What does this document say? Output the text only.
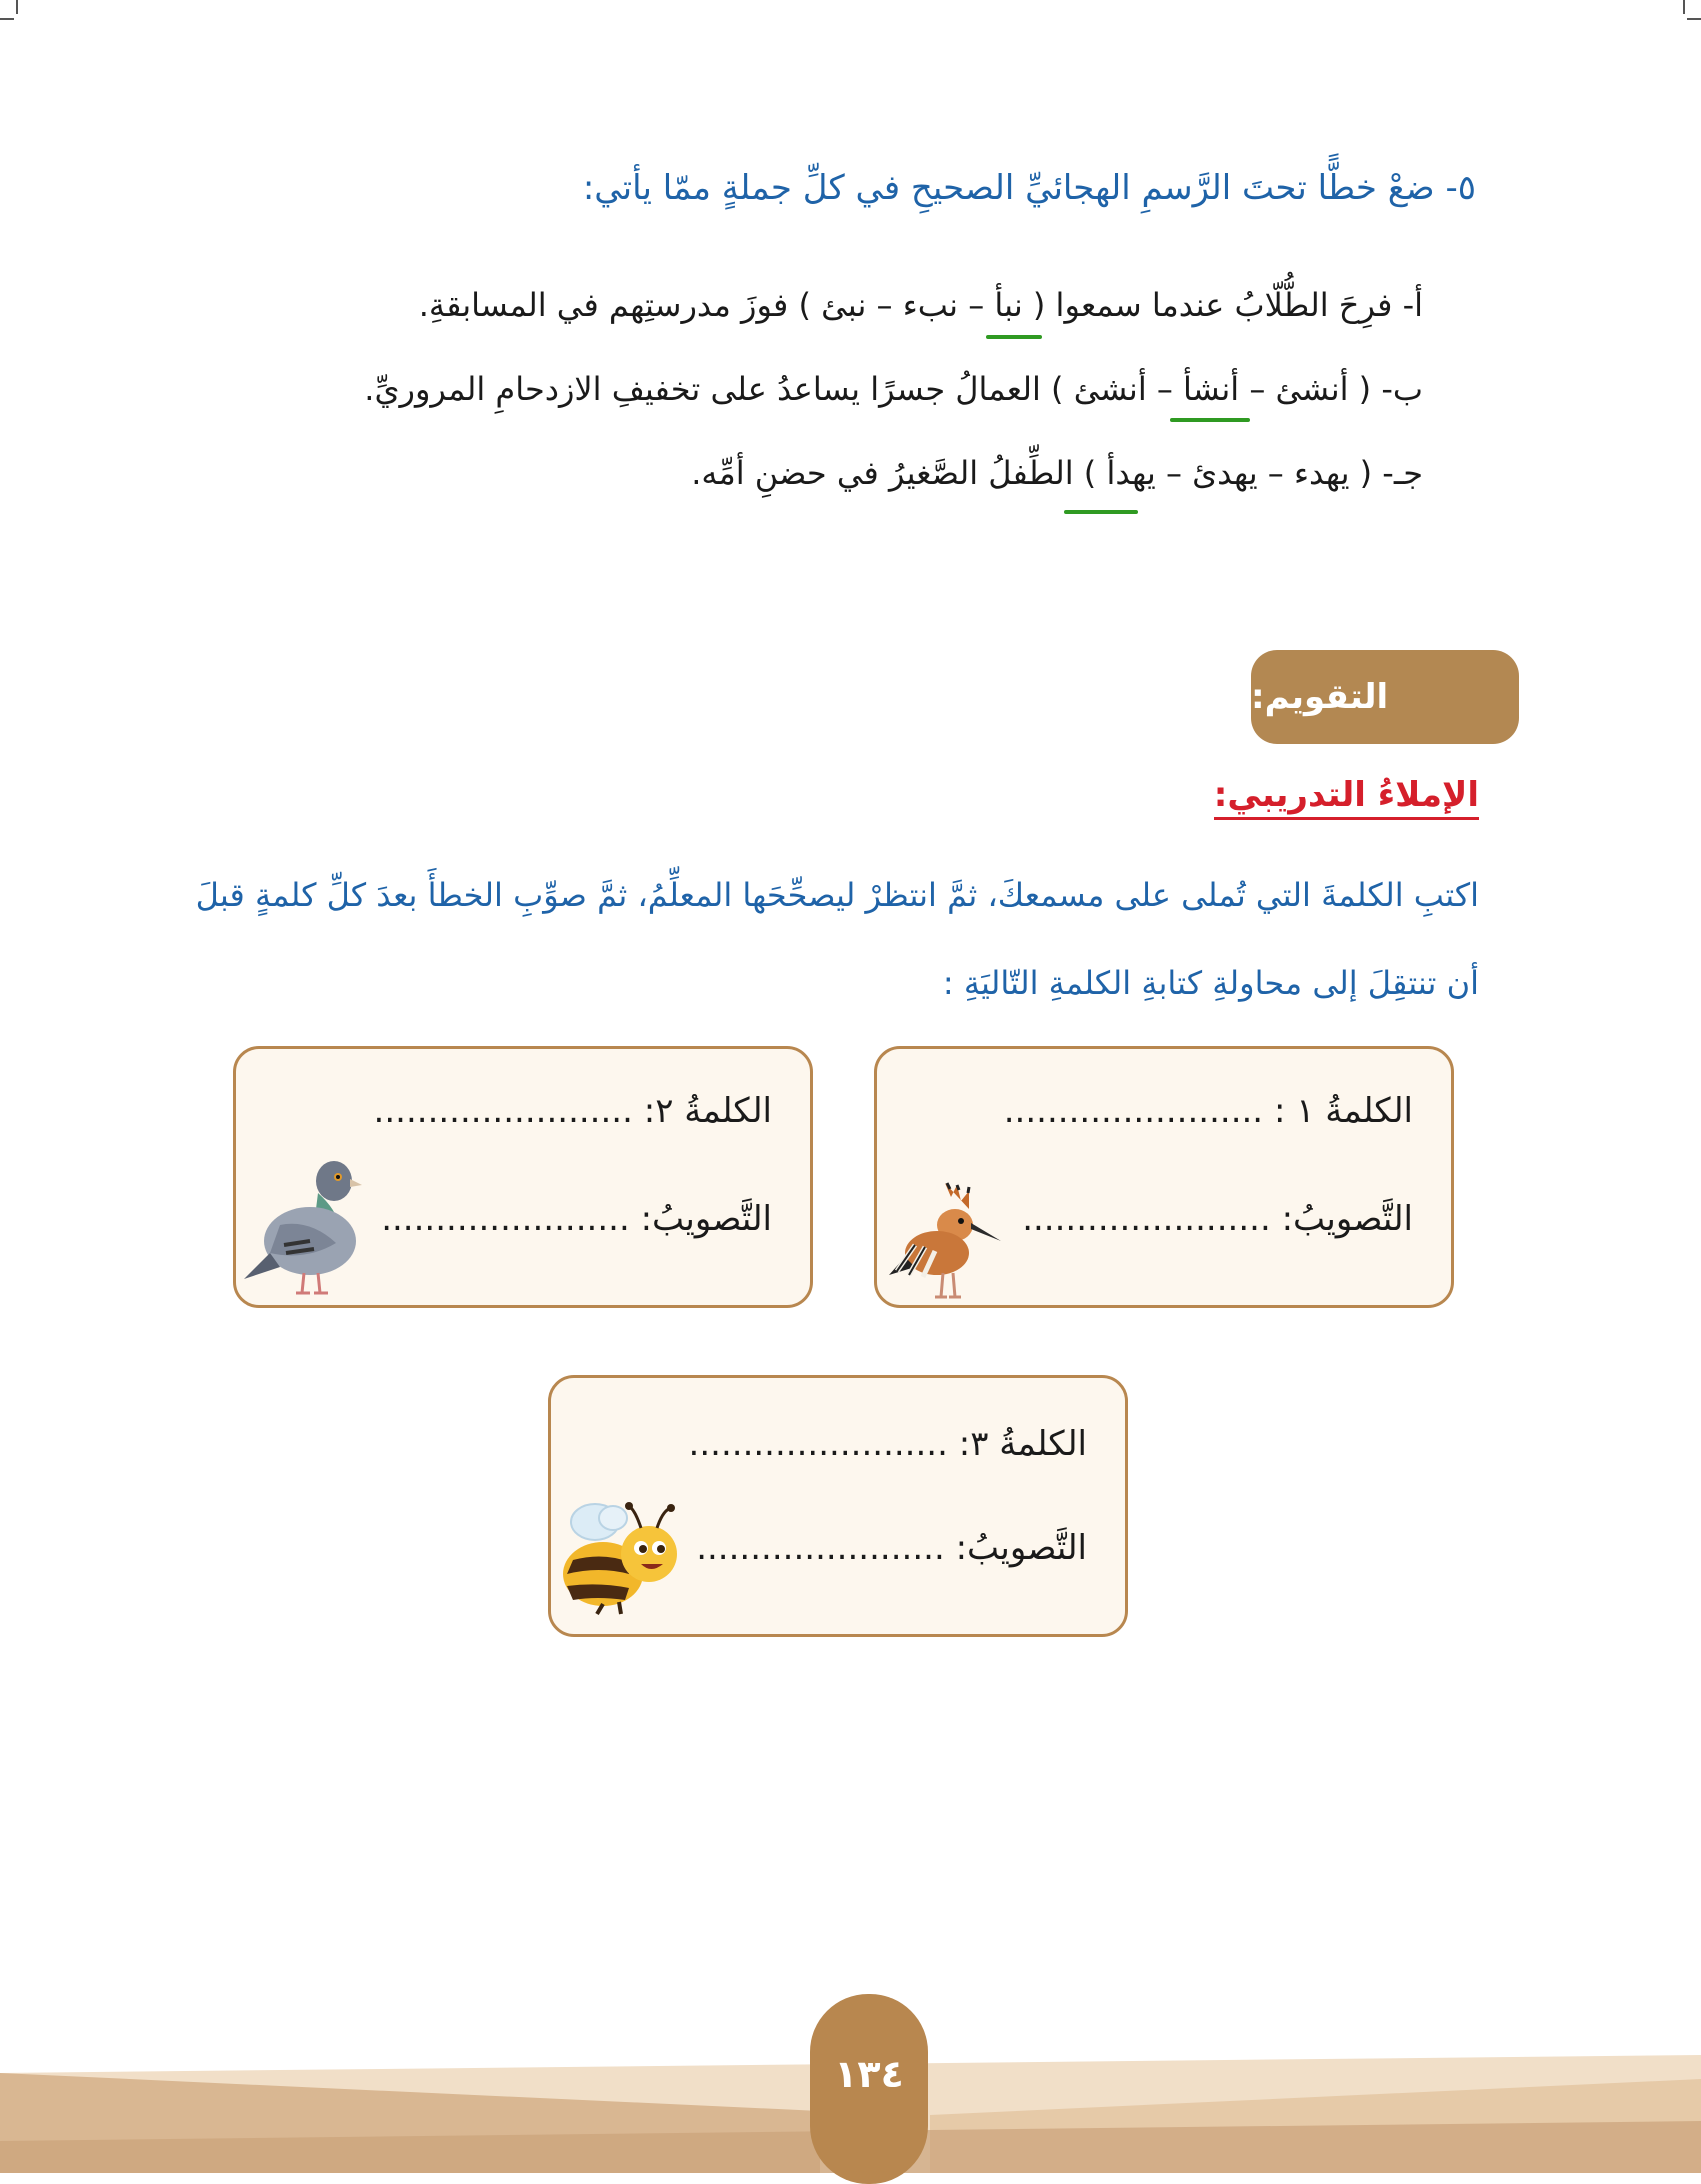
٥- ضعْ خطًّا تحتَ الرَّسمِ الهجائيِّ الصحيحِ في كلِّ جملةٍ ممّا يأتي:
أ- فرِحَ الطُّلّابُ عندما سمعوا ( نبأ – نبء – نبئ ) فوزَ مدرستِهم في المسابقةِ.
ب- ( أنشئ – أنشأ – أنشئ ) العمالُ جسرًا يساعدُ على تخفيفِ الازدحامِ المروريِّ.
جـ- ( يهدء – يهدئ – يهدأ ) الطِّفلُ الصَّغيرُ في حضنِ أمِّه.
التقويم:
الإملاءُ التدريبي:
اكتبِ الكلمةَ التي تُملى على مسمعكَ، ثمَّ انتظرْ ليصحِّحَها المعلِّمُ، ثمَّ صوِّبِ الخطأَ بعدَ كلِّ كلمةٍ قبلَ
أن تنتقِلَ إلى محاولةِ كتابةِ الكلمةِ التّاليَةِ :
الكلمةُ ١ : ........................
التَّصويبُ: .......................
الكلمةُ ٢: ........................
التَّصويبُ: .......................
الكلمةُ ٣: ........................
التَّصويبُ: .......................
١٣٤
